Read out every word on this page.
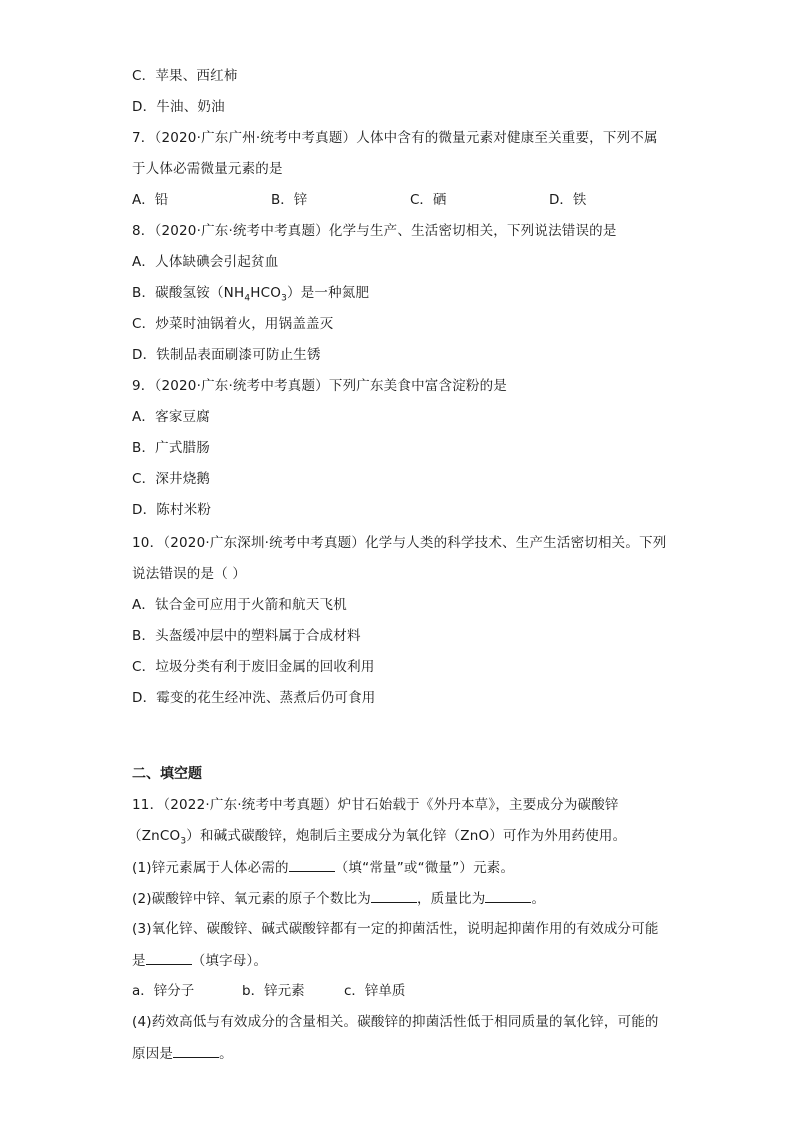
C．苹果、西红柿
D．牛油、奶油
7．（2020·广东广州·统考中考真题）人体中含有的微量元素对健康至关重要，下列不属
于人体必需微量元素的是
A．铅	B．锌	C．硒	D．铁
8．（2020·广东·统考中考真题）化学与生产、生活密切相关，下列说法错误的是
A．人体缺碘会引起贫血
B．碳酸氢铵$(NH_4HCO_3)$是一种氮肥
C．炒菜时油锅着火，用锅盖盖灭
D．铁制品表面刷漆可防止生锈
9．（2020·广东·统考中考真题）下列广东美食中富含淀粉的是
A．客家豆腐
B．广式腊肠
C．深井烧鹅
D．陈村米粉
10．（2020·广东深圳·统考中考真题）化学与人类的科学技术、生产生活密切相关。下列
说法错误的是（ ）
A．钛合金可应用于火箭和航天飞机
B．头盔缓冲层中的塑料属于合成材料
C．垃圾分类有利于废旧金属的回收利用
D．霉变的花生经冲洗、蒸煮后仍可食用
二、填空题
11．（2022·广东·统考中考真题）炉甘石始载于《外丹本草》，主要成分为碳酸锌
（ZnCO$_3$）和碱式碳酸锌，炮制后主要成分为氧化锌（ZnO）可作为外用药使用。
(1)锌元素属于人体必需的	（填“常量”或“微量”）元素。
(2)碳酸锌中锌、氧元素的原子个数比为	，质量比为	。
(3)氧化锌、碳酸锌、碱式碳酸锌都有一定的抑菌活性，说明起抑菌作用的有效成分可能
是	（填字母）。
a．锌分子	b．锌元素	c．锌单质
(4)药效高低与有效成分的含量相关。碳酸锌的抑菌活性低于相同质量的氧化锌，可能的
原因是	。
